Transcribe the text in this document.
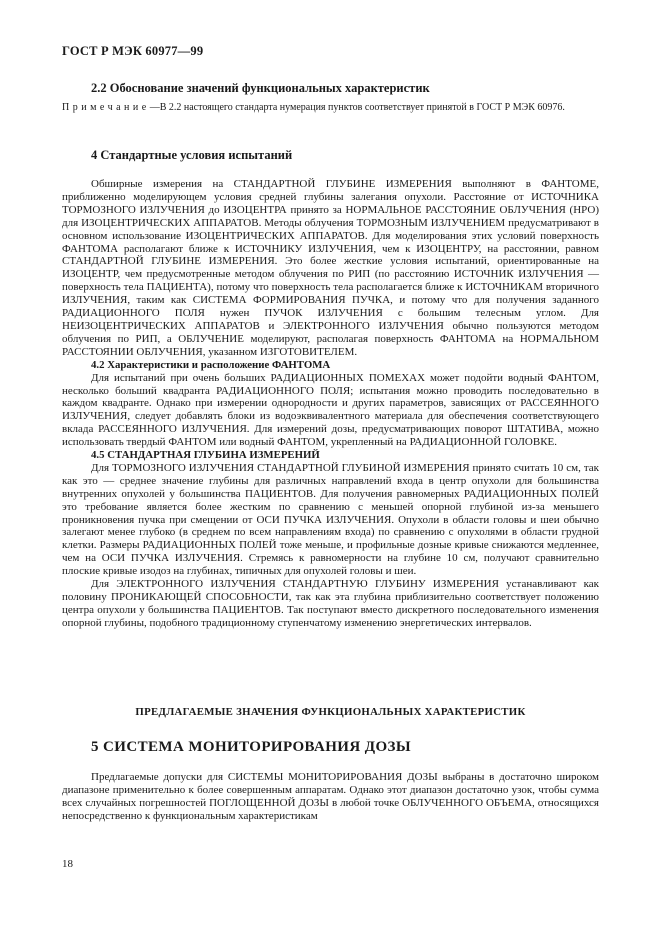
ГОСТ Р МЭК 60977—99
2.2 Обоснование значений функциональных характеристик
Примечание—В 2.2 настоящего стандарта нумерация пунктов соответствует принятой в ГОСТ Р МЭК 60976.
4 Стандартные условия испытаний

Обширные измерения на СТАНДАРТНОЙ ГЛУБИНЕ ИЗМЕРЕНИЯ выполняют в ФАНТОМЕ, приближенно моделирующем условия средней глубины залегания опухоли. Расстояние от ИСТОЧНИКА ТОРМОЗНОГО ИЗЛУЧЕНИЯ до ИЗОЦЕНТРА принято за НОРМАЛЬНОЕ РАССТОЯНИЕ ОБЛУЧЕНИЯ (НРО) для ИЗОЦЕНТРИЧЕСКИХ АППАРАТОВ. Методы облучения ТОРМОЗНЫМ ИЗЛУЧЕНИЕМ предусматривают в основном использование ИЗОЦЕНТРИЧЕСКИХ АППАРАТОВ. Для моделирования этих условий поверхность ФАНТОМА располагают ближе к ИСТОЧНИКУ ИЗЛУЧЕНИЯ, чем к ИЗОЦЕНТРУ, на расстоянии, равном СТАНДАРТНОЙ ГЛУБИНЕ ИЗМЕРЕНИЯ. Это более жесткие условия испытаний, ориентированные на ИЗОЦЕНТР, чем предусмотренные методом облучения по РИП (по расстоянию ИСТОЧНИК ИЗЛУЧЕНИЯ — поверхность тела ПАЦИЕНТА), потому что поверхность тела располагается ближе к ИСТОЧНИКАМ вторичного ИЗЛУЧЕНИЯ, таким как СИСТЕМА ФОРМИРОВАНИЯ ПУЧКА, и потому что для получения заданного РАДИАЦИОННОГО ПОЛЯ нужен ПУЧОК ИЗЛУЧЕНИЯ с большим телесным углом. Для НЕИЗОЦЕНТРИЧЕСКИХ АППАРАТОВ и ЭЛЕКТРОННОГО ИЗЛУЧЕНИЯ обычно пользуются методом облучения по РИП, а ОБЛУЧЕНИЕ моделируют, располагая поверхность ФАНТОМА на НОРМАЛЬНОМ РАССТОЯНИИ ОБЛУЧЕНИЯ, указанном ИЗГОТОВИТЕЛЕМ.

4.2 Характеристики и расположение ФАНТОМА

Для испытаний при очень больших РАДИАЦИОННЫХ ПОМЕХАХ может подойти водный ФАНТОМ, несколько больший квадранта РАДИАЦИОННОГО ПОЛЯ; испытания можно проводить последовательно в каждом квадранте. Однако при измерении однородности и других параметров, зависящих от РАССЕЯННОГО ИЗЛУЧЕНИЯ, следует добавлять блоки из водоэквивалентного материала для обеспечения соответствующего вклада РАССЕЯННОГО ИЗЛУЧЕНИЯ. Для измерений дозы, предусматривающих поворот ШТАТИВА, можно использовать твердый ФАНТОМ или водный ФАНТОМ, укрепленный на РАДИАЦИОННОЙ ГОЛОВКЕ.

4.5 СТАНДАРТНАЯ ГЛУБИНА ИЗМЕРЕНИЙ

Для ТОРМОЗНОГО ИЗЛУЧЕНИЯ СТАНДАРТНОЙ ГЛУБИНОЙ ИЗМЕРЕНИЯ принято считать 10 см, так как это — среднее значение глубины для различных направлений входа в центр опухоли для большинства внутренних опухолей у большинства ПАЦИЕНТОВ. Для получения равномерных РАДИАЦИОННЫХ ПОЛЕЙ это требование является более жестким по сравнению с меньшей опорной глубиной из-за меньшего проникновения пучка при смещении от ОСИ ПУЧКА ИЗЛУЧЕНИЯ. Опухоли в области головы и шеи обычно залегают менее глубоко (в среднем по всем направлениям входа) по сравнению с опухолями в области грудной клетки. Размеры РАДИАЦИОННЫХ ПОЛЕЙ тоже меньше, и профильные дозные кривые снижаются медленнее, чем на ОСИ ПУЧКА ИЗЛУЧЕНИЯ. Стремясь к равномерности на глубине 10 см, получают сравнительно плоские кривые изодоз на глубинах, типичных для опухолей головы и шеи.

Для ЭЛЕКТРОННОГО ИЗЛУЧЕНИЯ СТАНДАРТНУЮ ГЛУБИНУ ИЗМЕРЕНИЯ устанавливают как половину ПРОНИКАЮЩЕЙ СПОСОБНОСТИ, так как эта глубина приблизительно соответствует положению центра опухоли у большинства ПАЦИЕНТОВ. Так поступают вместо дискретного последовательного изменения опорной глубины, подобного традиционному ступенчатому изменению энергетических интервалов.

ПРЕДЛАГАЕМЫЕ ЗНАЧЕНИЯ ФУНКЦИОНАЛЬНЫХ ХАРАКТЕРИСТИК
5 СИСТЕМА МОНИТОРИРОВАНИЯ ДОЗЫ

Предлагаемые допуски для СИСТЕМЫ МОНИТОРИРОВАНИЯ ДОЗЫ выбраны в достаточно широком диапазоне применительно к более совершенным аппаратам. Однако этот диапазон достаточно узок, чтобы сумма всех случайных погрешностей ПОГЛОЩЕННОЙ ДОЗЫ в любой точке ОБЛУЧЕННОГО ОБЪЕМА, относящихся непосредственно к функциональным характеристикам

18
